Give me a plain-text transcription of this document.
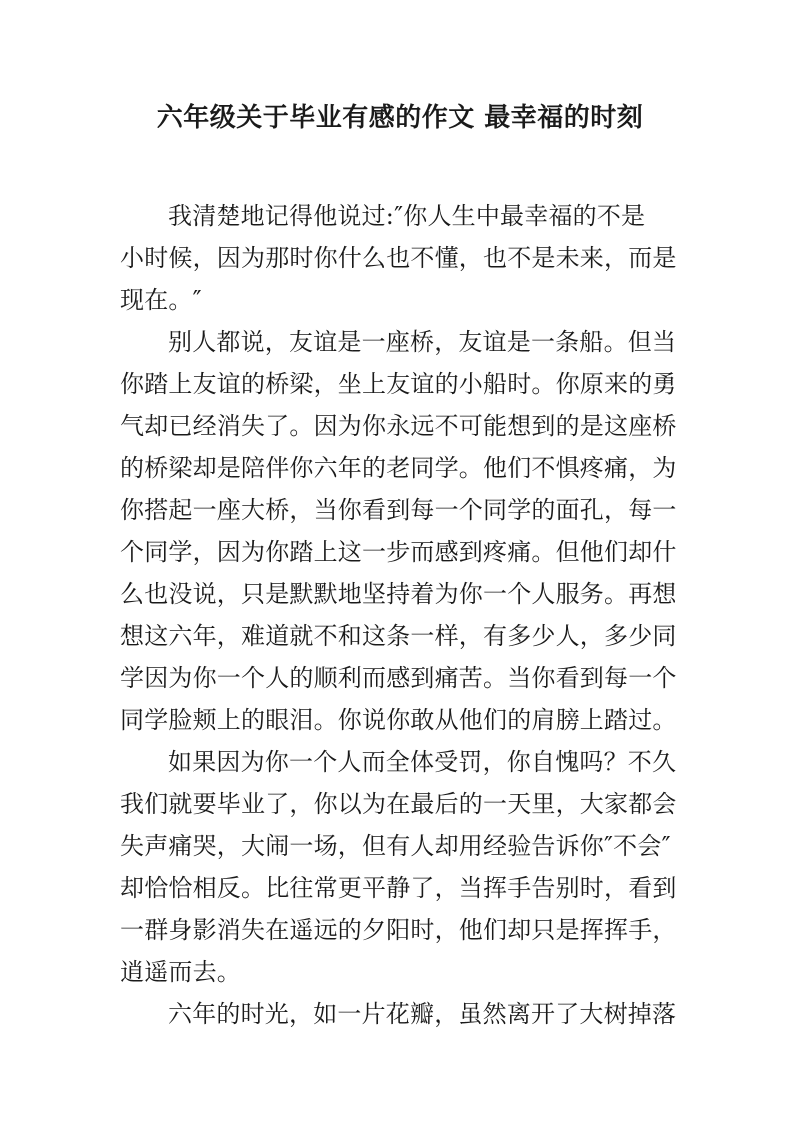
六年级关于毕业有感的作文 最幸福的时刻
我清楚地记得他说过:″你人生中最幸福的不是
小时候，因为那时你什么也不懂，也不是未来，而是
现在。″
别人都说，友谊是一座桥，友谊是一条船。但当
你踏上友谊的桥梁，坐上友谊的小船时。你原来的勇
气却已经消失了。因为你永远不可能想到的是这座桥
的桥梁却是陪伴你六年的老同学。他们不惧疼痛，为
你搭起一座大桥，当你看到每一个同学的面孔，每一
个同学，因为你踏上这一步而感到疼痛。但他们却什
么也没说，只是默默地坚持着为你一个人服务。再想
想这六年，难道就不和这条一样，有多少人，多少同
学因为你一个人的顺利而感到痛苦。当你看到每一个
同学脸颊上的眼泪。你说你敢从他们的肩膀上踏过。
如果因为你一个人而全体受罚，你自愧吗？不久
我们就要毕业了，你以为在最后的一天里，大家都会
失声痛哭，大闹一场，但有人却用经验告诉你″不会″
却恰恰相反。比往常更平静了，当挥手告别时，看到
一群身影消失在遥远的夕阳时，他们却只是挥挥手，
逍遥而去。
六年的时光，如一片花瓣，虽然离开了大树掉落
